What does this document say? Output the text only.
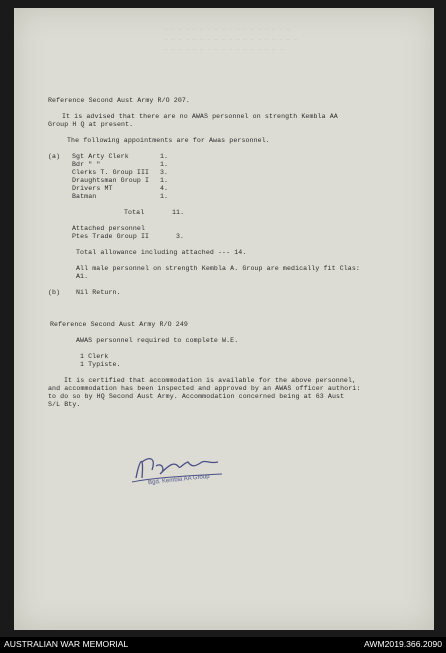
— — — — — — — — — — — — — — — — — —
— — — — — — — — — — — — — — — — — — —
— — — — — — — — — — — — — — — — —
Reference Second Aust Army R/O 207.
It is advised that there are no AWAS personnel on strength Kembla AA
Group H Q at present.
The following appointments are for Awas personnel.
(a) Sgt Arty Clerk	1.
Bdr " "	1.
Clerks T. Group III 3.
Draughtsman Group I 1.
Drivers MT	4.
Batman	1.
Total	11.
Attached personnel
Ptes Trade Group II	3.
Total allowance including attached --- 14.
All male personnel on strength Kembla A. Group are medically fit Clas:
A1.
(b) Nil Return.
Reference Second Aust Army R/O 249
AWAS personnel required to complete W.E.
1 Clerk
1 Typiste.
It is certified that accommodation is available for the above personnel,
and accommodation has been inspected and approved by an AWAS officer authori:
to do so by HQ Second Aust Army. Accommodation concerned being at 63 Aust
S/L Bty.
Bgd. Kembla AA Group
AUSTRALIAN WAR MEMORIAL	AWM2019.366.2090
